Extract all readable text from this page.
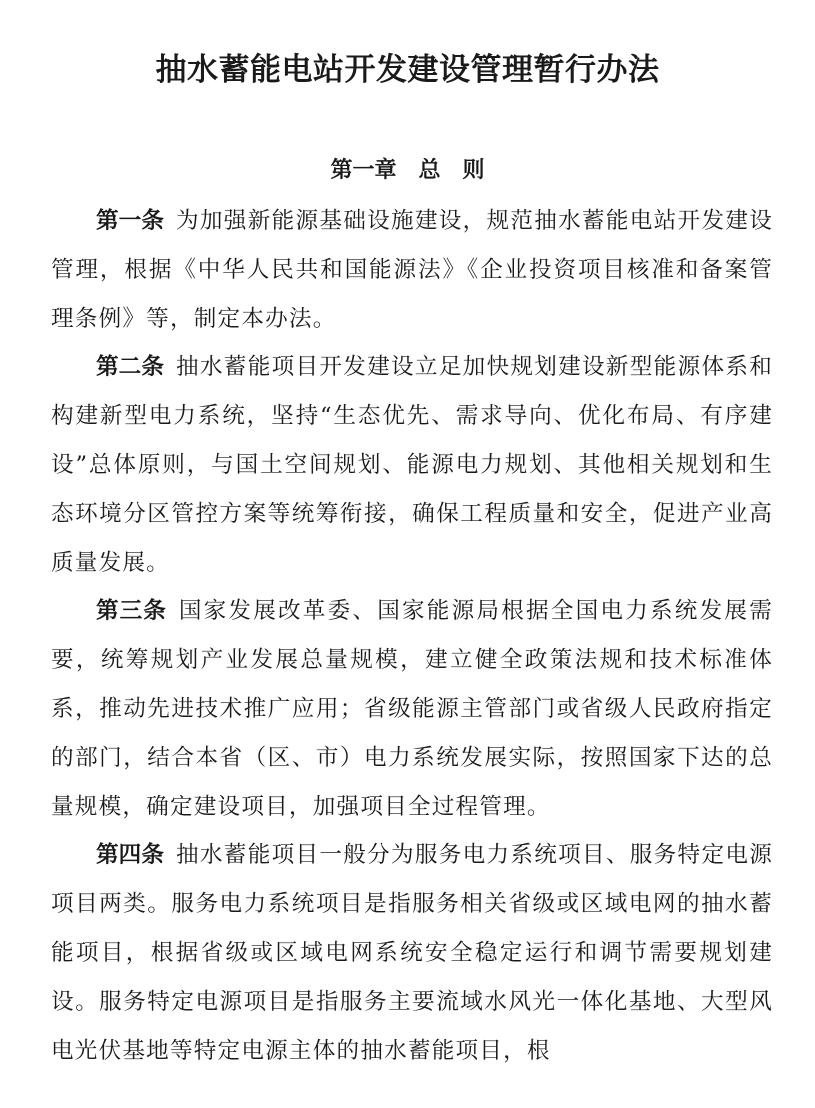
抽水蓄能电站开发建设管理暂行办法
第一章　总　则

第一条 为加强新能源基础设施建设，规范抽水蓄能电站开发建设管理，根据《中华人民共和国能源法》《企业投资项目核准和备案管理条例》等，制定本办法。

第二条 抽水蓄能项目开发建设立足加快规划建设新型能源体系和构建新型电力系统，坚持“生态优先、需求导向、优化布局、有序建设”总体原则，与国土空间规划、能源电力规划、其他相关规划和生态环境分区管控方案等统筹衔接，确保工程质量和安全，促进产业高质量发展。

第三条 国家发展改革委、国家能源局根据全国电力系统发展需要，统筹规划产业发展总量规模，建立健全政策法规和技术标准体系，推动先进技术推广应用；省级能源主管部门或省级人民政府指定的部门，结合本省（区、市）电力系统发展实际，按照国家下达的总量规模，确定建设项目，加强项目全过程管理。

第四条 抽水蓄能项目一般分为服务电力系统项目、服务特定电源项目两类。服务电力系统项目是指服务相关省级或区域电网的抽水蓄能项目，根据省级或区域电网系统安全稳定运行和调节需要规划建设。服务特定电源项目是指服务主要流域水风光一体化基地、大型风电光伏基地等特定电源主体的抽水蓄能项目，根
